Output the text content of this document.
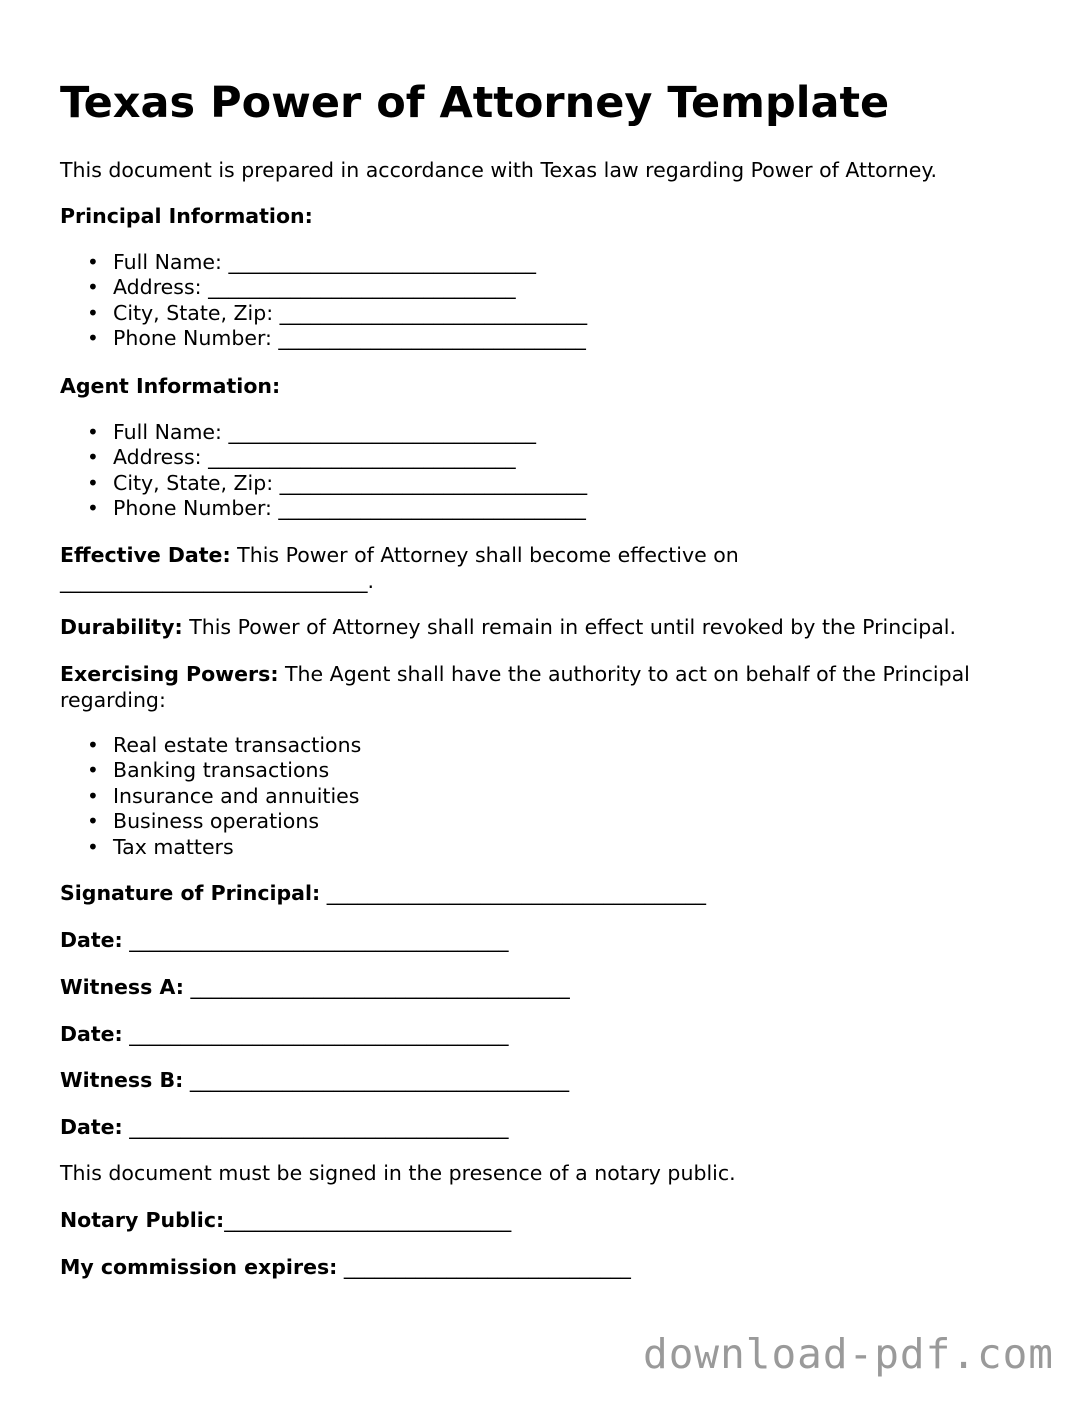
Texas Power of Attorney Template
This document is prepared in accordance with Texas law regarding Power of Attorney.
Principal Information:
• Full Name: ______________________________
• Address: ______________________________
• City, State, Zip: ______________________________
• Phone Number: ______________________________
Agent Information:
• Full Name: ______________________________
• Address: ______________________________
• City, State, Zip: ______________________________
• Phone Number: ______________________________
Effective Date: This Power of Attorney shall become effective on
______________________________.
Durability: This Power of Attorney shall remain in effect until revoked by the Principal.
Exercising Powers: The Agent shall have the authority to act on behalf of the Principal regarding:
• Real estate transactions
• Banking transactions
• Insurance and annuities
• Business operations
• Tax matters
Signature of Principal: _____________________________________
Date: _____________________________________
Witness A: _____________________________________
Date: _____________________________________
Witness B: _____________________________________
Date: _____________________________________
This document must be signed in the presence of a notary public.
Notary Public:____________________________
My commission expires: ____________________________
download-pdf.com
